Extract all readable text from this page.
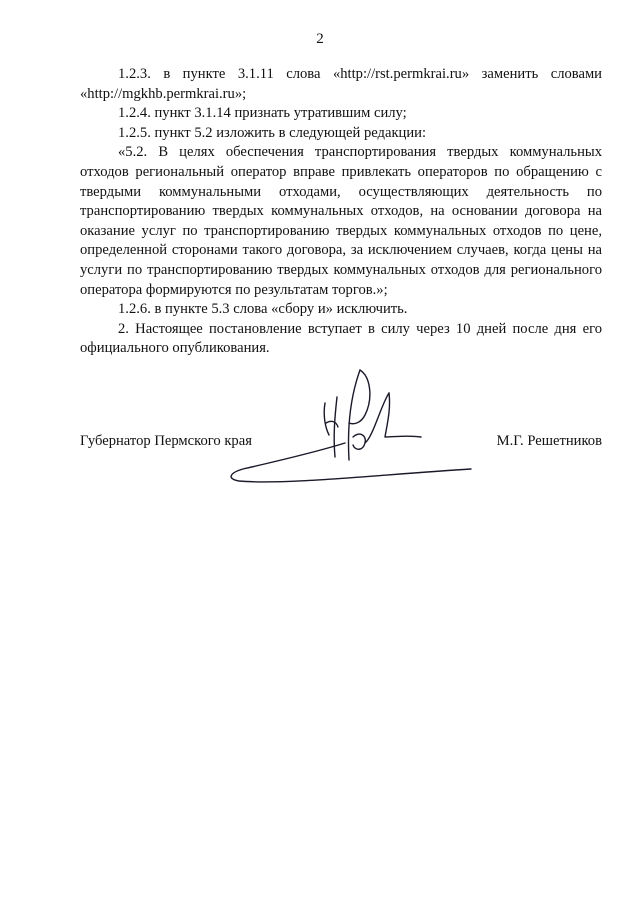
2

1.2.3. в пункте 3.1.11 слова «http://rst.permkrai.ru» заменить словами «http://mgkhb.permkrai.ru»;

1.2.4. пункт 3.1.14 признать утратившим силу;

1.2.5. пункт 5.2 изложить в следующей редакции:

«5.2. В целях обеспечения транспортирования твердых коммунальных отходов региональный оператор вправе привлекать операторов по обращению с твердыми коммунальными отходами, осуществляющих деятельность по транспортированию твердых коммунальных отходов, на основании договора на оказание услуг по транспортированию твердых коммунальных отходов по цене, определенной сторонами такого договора, за исключением случаев, когда цены на услуги по транспортированию твердых коммунальных отходов для регионального оператора формируются по результатам торгов.»;

1.2.6. в пункте 5.3 слова «сбору и» исключить.

2. Настоящее постановление вступает в силу через 10 дней после дня его официального опубликования.

Губернатор Пермского края	М.Г. Решетников
